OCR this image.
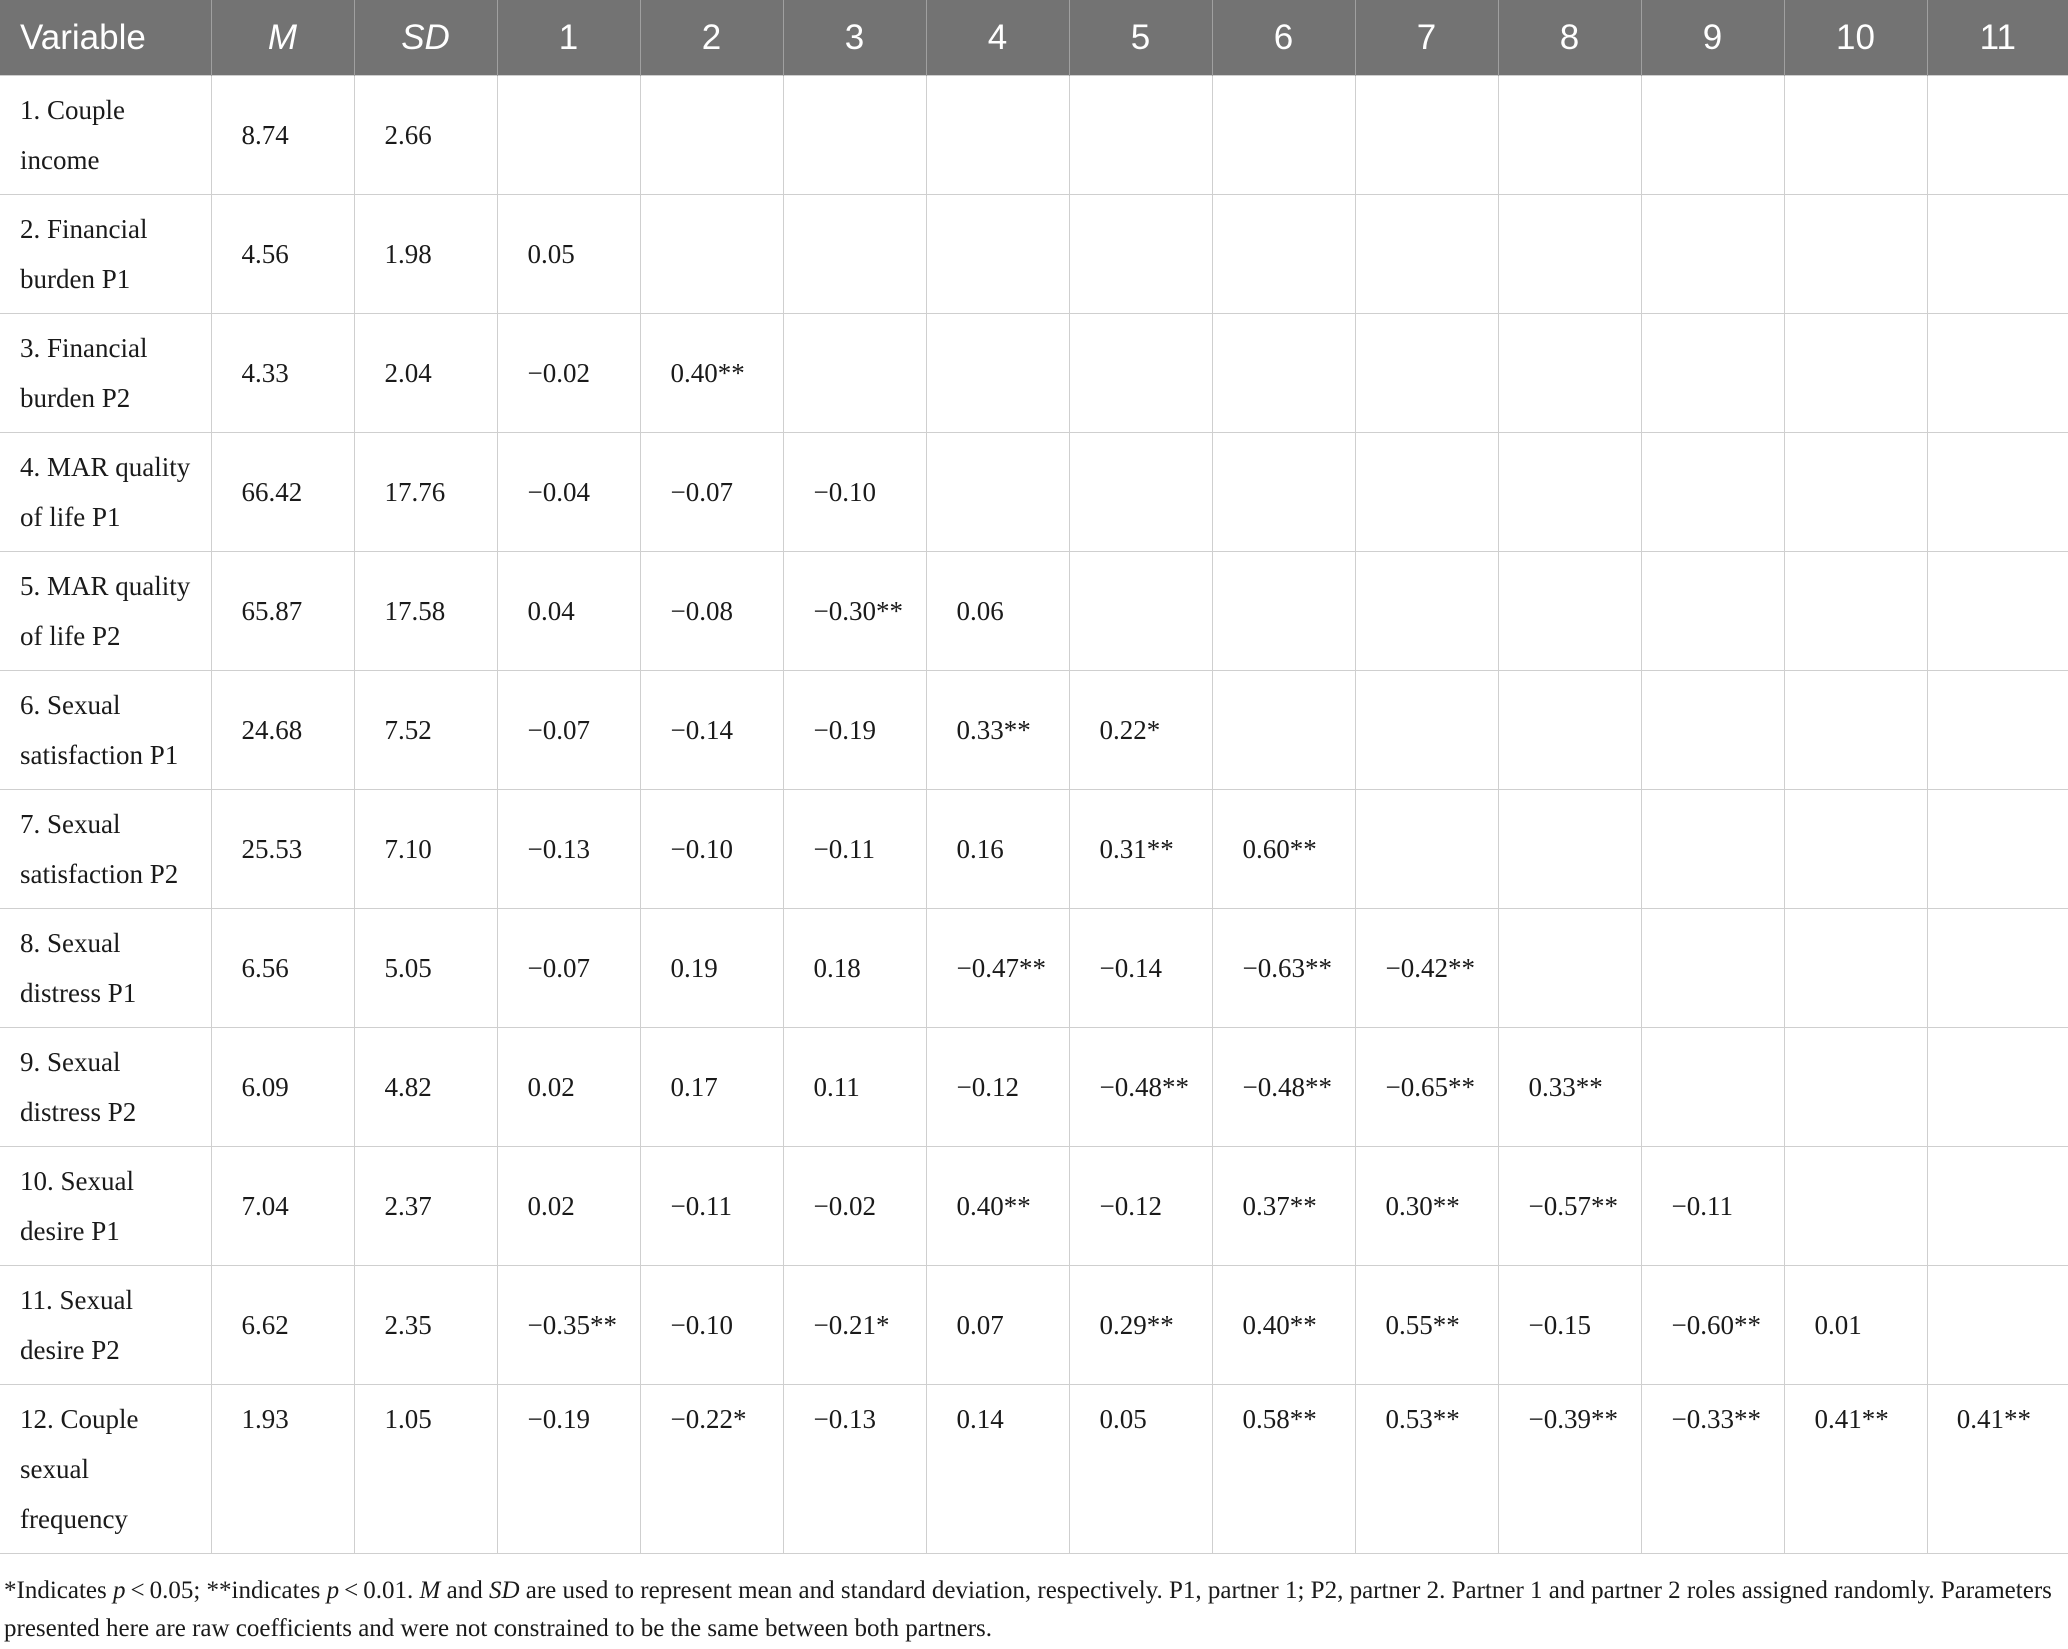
Variable	M	SD	1	2	3	4	5	6	7	8	9	10	11
1. Couple income	8.74	2.66											
2. Financial burden P1	4.56	1.98	0.05										
3. Financial burden P2	4.33	2.04	−0.02	0.40**									
4. MAR quality of life P1	66.42	17.76	−0.04	−0.07	−0.10								
5. MAR quality of life P2	65.87	17.58	0.04	−0.08	−0.30**	0.06							
6. Sexual satisfaction P1	24.68	7.52	−0.07	−0.14	−0.19	0.33**	0.22*						
7. Sexual satisfaction P2	25.53	7.10	−0.13	−0.10	−0.11	0.16	0.31**	0.60**					
8. Sexual distress P1	6.56	5.05	−0.07	0.19	0.18	−0.47**	−0.14	−0.63**	−0.42**				
9. Sexual distress P2	6.09	4.82	0.02	0.17	0.11	−0.12	−0.48**	−0.48**	−0.65**	0.33**			
10. Sexual desire P1	7.04	2.37	0.02	−0.11	−0.02	0.40**	−0.12	0.37**	0.30**	−0.57**	−0.11		
11. Sexual desire P2	6.62	2.35	−0.35**	−0.10	−0.21*	0.07	0.29**	0.40**	0.55**	−0.15	−0.60**	0.01	
12. Couple sexual frequency	1.93	1.05	−0.19	−0.22*	−0.13	0.14	0.05	0.58**	0.53**	−0.39**	−0.33**	0.41**	0.41**
*Indicates p < 0.05; **indicates p < 0.01. M and SD are used to represent mean and standard deviation, respectively. P1, partner 1; P2, partner 2. Partner 1 and partner 2 roles assigned randomly. Parameters presented here are raw coefficients and were not constrained to be the same between both partners.
